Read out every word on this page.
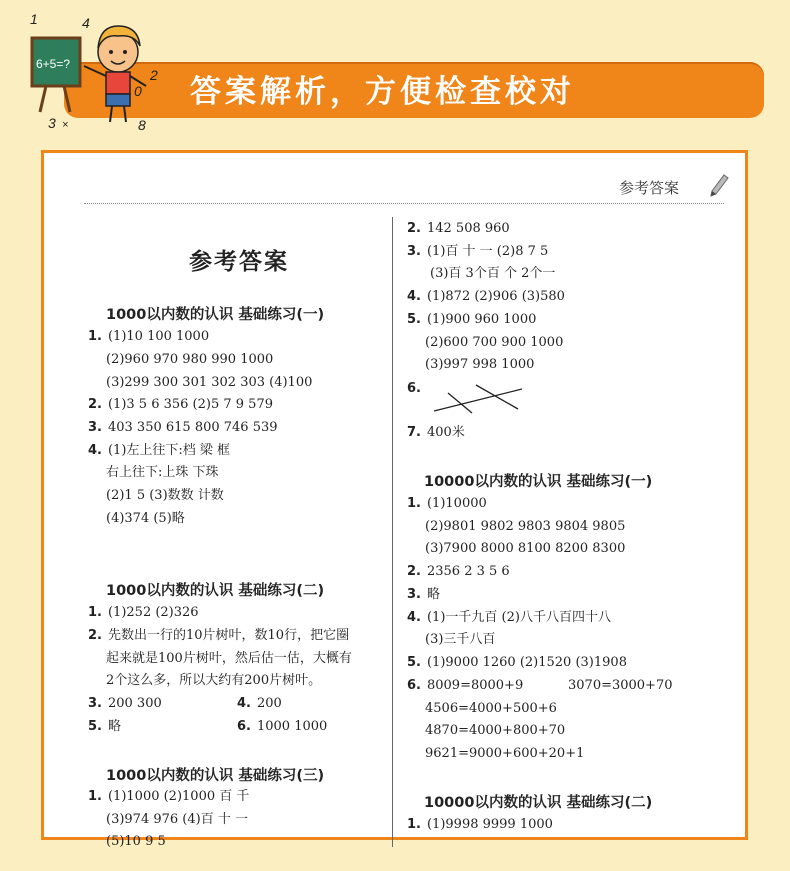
答案解析，方便检查校对
1	4
2
0
3	8
×
6+5=?
参考答案
参考答案
1000以内数的认识 基础练习(一)
1. (1)10 100 1000
(2)960 970 980 990 1000
(3)299 300 301 302 303 (4)100
2. (1)3 5 6 356 (2)5 7 9 579
3. 403 350 615 800 746 539
4. (1)左上往下:档 梁 框
右上往下:上珠 下珠
(2)1 5 (3)数数 计数
(4)374 (5)略
1000以内数的认识 基础练习(二)
1. (1)252 (2)326
2. 先数出一行的10片树叶，数10行，把它圈
起来就是100片树叶，然后估一估，大概有
2个这么多，所以大约有200片树叶。
3. 200 300	4. 200
5. 略	6. 1000 1000
1000以内数的认识 基础练习(三)
1. (1)1000 (2)1000 百 千
(3)974 976 (4)百 十 一
(5)10 9 5
2. 142 508 960
3. (1)百 十 一 (2)8 7 5
(3)百 3个百 个 2个一
4. (1)872 (2)906 (3)580
5. (1)900 960 1000
(2)600 700 900 1000
(3)997 998 1000
6.
7. 400米
10000以内数的认识 基础练习(一)
1. (1)10000
(2)9801 9802 9803 9804 9805
(3)7900 8000 8100 8200 8300
2. 2356 2 3 5 6
3. 略
4. (1)一千九百 (2)八千八百四十八
(3)三千八百
5. (1)9000 1260 (2)1520 (3)1908
6. 8009=8000+9	3070=3000+70
4506=4000+500+6
4870=4000+800+70
9621=9000+600+20+1
10000以内数的认识 基础练习(二)
1. (1)9998 9999 1000
